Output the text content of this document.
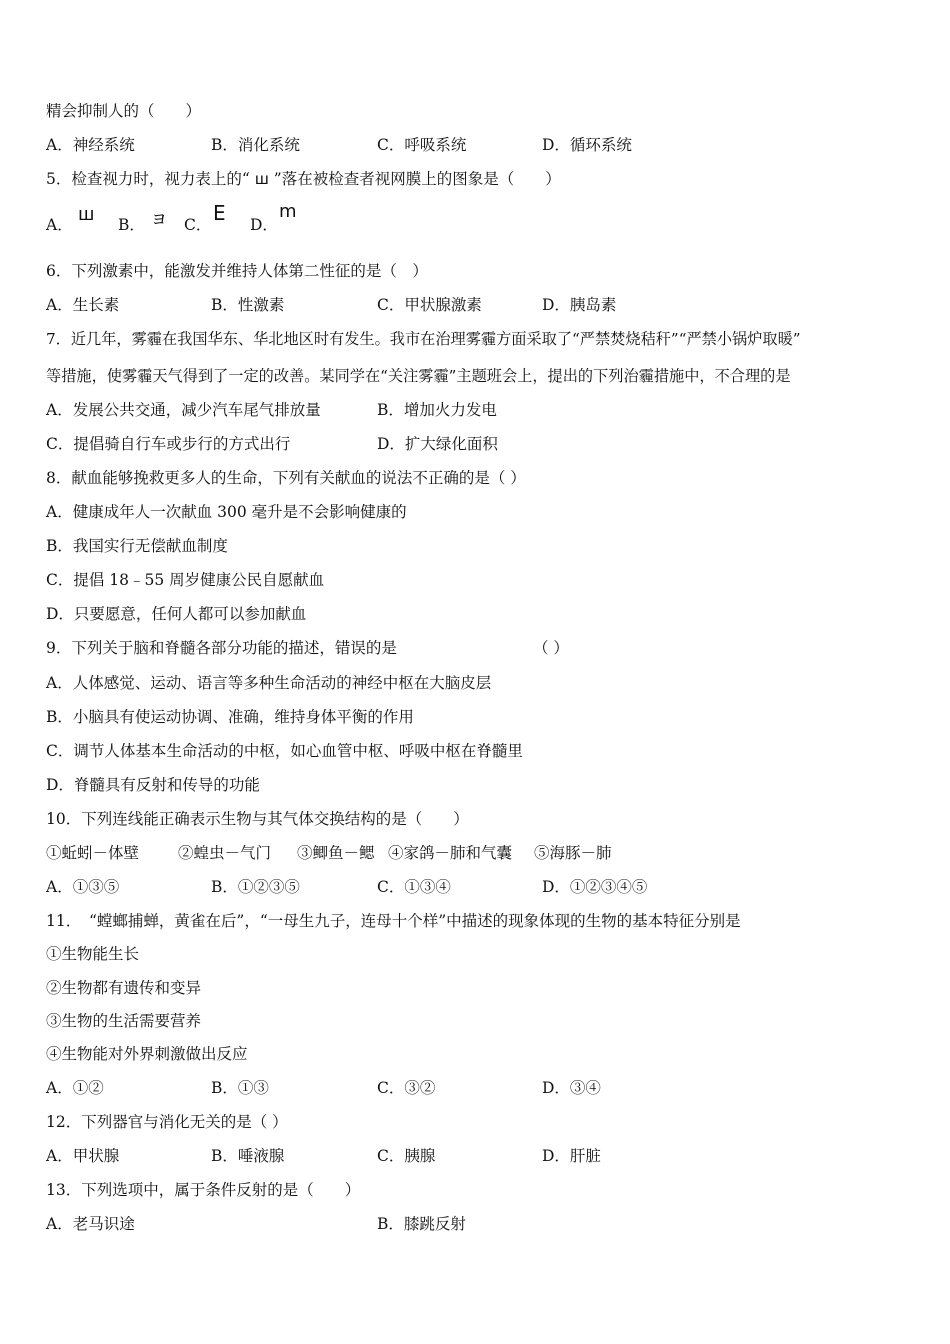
精会抑制人的（　　）
A．神经系统	B．消化系统	C．呼吸系统	D．循环系统
5．检查视力时，视力表上的“ ш ”落在被检查者视网膜上的图象是（　　）
A． ш B． ョ C． E D．
m
6．下列激素中，能激发并维持人体第二性征的是（　）
A．生长素	B．性激素	C．甲状腺激素	D．胰岛素
7．近几年，雾霾在我国华东、华北地区时有发生。我市在治理雾霾方面采取了“严禁焚烧秸秆”“严禁小锅炉取暖”
等措施，使雾霾天气得到了一定的改善。某同学在“关注雾霾”主题班会上，提出的下列治霾措施中，不合理的是
A．发展公共交通，减少汽车尾气排放量	B．增加火力发电
C．提倡骑自行车或步行的方式出行	D．扩大绿化面积
8．献血能够挽救更多人的生命，下列有关献血的说法不正确的是（ ）
A．健康成年人一次献血 300 毫升是不会影响健康的
B．我国实行无偿献血制度
C．提倡 18﹣55 周岁健康公民自愿献血
D．只要愿意，任何人都可以参加献血
9．下列关于脑和脊髓各部分功能的描述，错误的是	（ ）
A．人体感觉、运动、语言等多种生命活动的神经中枢在大脑皮层
B．小脑具有使运动协调、准确，维持身体平衡的作用
C．调节人体基本生命活动的中枢，如心血管中枢、呼吸中枢在脊髓里
D．脊髓具有反射和传导的功能
10．下列连线能正确表示生物与其气体交换结构的是（　　）
①蚯蚓－体壁	②蝗虫－气门 ③鲫鱼－鳃 ④家鸽－肺和气囊 ⑤海豚－肺
A．①③⑤	B．①②③⑤	C．①③④	D．①②③④⑤
11．　“螳螂捕蝉，黄雀在后”，“一母生九子，连母十个样”中描述的现象体现的生物的基本特征分别是
①生物能生长
②生物都有遗传和变异
③生物的生活需要营养
④生物能对外界刺激做出反应
A．①②	B．①③	C．③②	D．③④
12．下列器官与消化无关的是（ ）
A．甲状腺	B．唾液腺	C．胰腺	D．肝脏
13．下列选项中，属于条件反射的是（　　）
A．老马识途	B．膝跳反射
